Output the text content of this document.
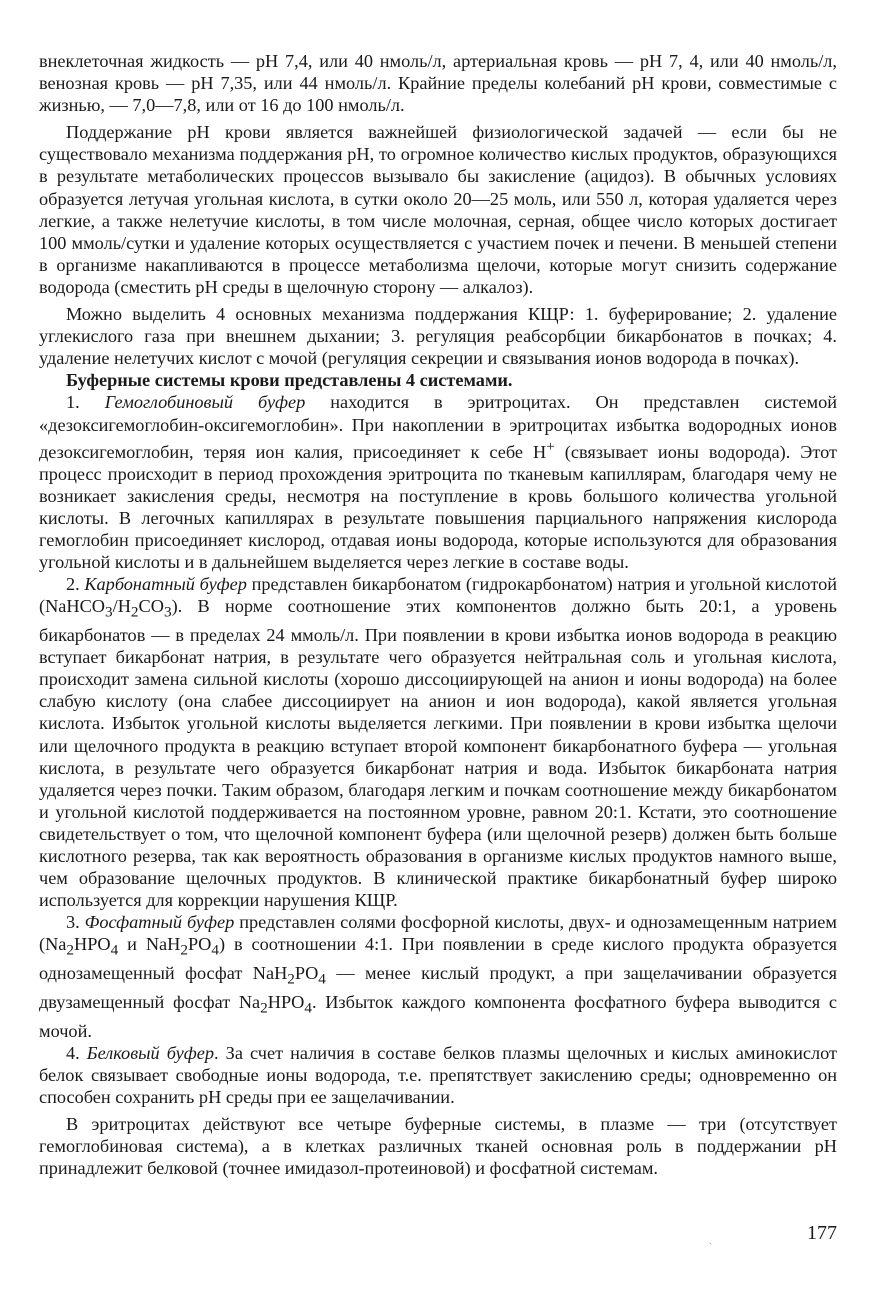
внеклеточная жидкость — pH 7,4, или 40 нмоль/л, артериальная кровь — pH 7, 4, или 40 нмоль/л, венозная кровь — pH 7,35, или 44 нмоль/л. Крайние пределы колебаний pH крови, совместимые с жизнью, — 7,0—7,8, или от 16 до 100 нмоль/л.

Поддержание pH крови является важнейшей физиологической задачей — если бы не существовало механизма поддержания pH, то огромное количество кислых продуктов, образующихся в результате метаболических процессов вызывало бы закисление (ацидоз). В обычных условиях образуется летучая угольная кислота, в сутки около 20—25 моль, или 550 л, которая удаляется через легкие, а также нелетучие кислоты, в том числе молочная, серная, общее число которых достигает 100 ммоль/сутки и удаление которых осуществляется с участием почек и печени. В меньшей степени в организме накапливаются в процессе метаболизма щелочи, которые могут снизить содержание водорода (сместить pH среды в щелочную сторону — алкалоз).

Можно выделить 4 основных механизма поддержания КЩР: 1. буферирование; 2. удаление углекислого газа при внешнем дыхании; 3. регуляция реабсорбции бикарбонатов в почках; 4. удаление нелетучих кислот с мочой (регуляция секреции и связывания ионов водорода в почках).

Буферные системы крови представлены 4 системами.

1. Гемоглобиновый буфер находится в эритроцитах. Он представлен системой «дезоксигемоглобин-оксигемоглобин». При накоплении в эритроцитах избытка водородных ионов дезоксигемоглобин, теряя ион калия, присоединяет к себе H+ (связывает ионы водорода). Этот процесс происходит в период прохождения эритроцита по тканевым капиллярам, благодаря чему не возникает закисления среды, несмотря на поступление в кровь большого количества угольной кислоты. В легочных капиллярах в результате повышения парциального напряжения кислорода гемоглобин присоединяет кислород, отдавая ионы водорода, которые используются для образования угольной кислоты и в дальнейшем выделяется через легкие в составе воды.

2. Карбонатный буфер представлен бикарбонатом (гидрокарбонатом) натрия и угольной кислотой $(NaHCO_3/H_2CO_3)$. В норме соотношение этих компонентов должно быть 20:1, а уровень бикарбонатов — в пределах 24 ммоль/л. При появлении в крови избытка ионов водорода в реакцию вступает бикарбонат натрия, в результате чего образуется нейтральная соль и угольная кислота, происходит замена сильной кислоты (хорошо диссоциирующей на анион и ионы водорода) на более слабую кислоту (она слабее диссоциирует на анион и ион водорода), какой является угольная кислота. Избыток угольной кислоты выделяется легкими. При появлении в крови избытка щелочи или щелочного продукта в реакцию вступает второй компонент бикарбонатного буфера — угольная кислота, в результате чего образуется бикарбонат натрия и вода. Избыток бикарбоната натрия удаляется через почки. Таким образом, благодаря легким и почкам соотношение между бикарбонатом и угольной кислотой поддерживается на постоянном уровне, равном 20:1. Кстати, это соотношение свидетельствует о том, что щелочной компонент буфера (или щелочной резерв) должен быть больше кислотного резерва, так как вероятность образования в организме кислых продуктов намного выше, чем образование щелочных продуктов. В клинической практике бикарбонатный буфер широко используется для коррекции нарушения КЩР.

3. Фосфатный буфер представлен солями фосфорной кислоты, двух- и однозамещенным натрием ($Na_2HPO_4$ и $NaH_2PO_4$) в соотношении 4:1. При появлении в среде кислого продукта образуется однозамещенный фосфат $NaH_2PO_4$ — менее кислый продукт, а при защелачивании образуется двузамещенный фосфат $Na_2HPO_4$. Избыток каждого компонента фосфатного буфера выводится с мочой.

4. Белковый буфер. За счет наличия в составе белков плазмы щелочных и кислых аминокислот белок связывает свободные ионы водорода, т.е. препятствует закислению среды; одновременно он способен сохранить pH среды при ее защелачивании.

В эритроцитах действуют все четыре буферные системы, в плазме — три (отсутствует гемоглобиновая система), а в клетках различных тканей основная роль в поддержании pH принадлежит белковой (точнее имидазол-протеиновой) и фосфатной системам.

ˎ	177
